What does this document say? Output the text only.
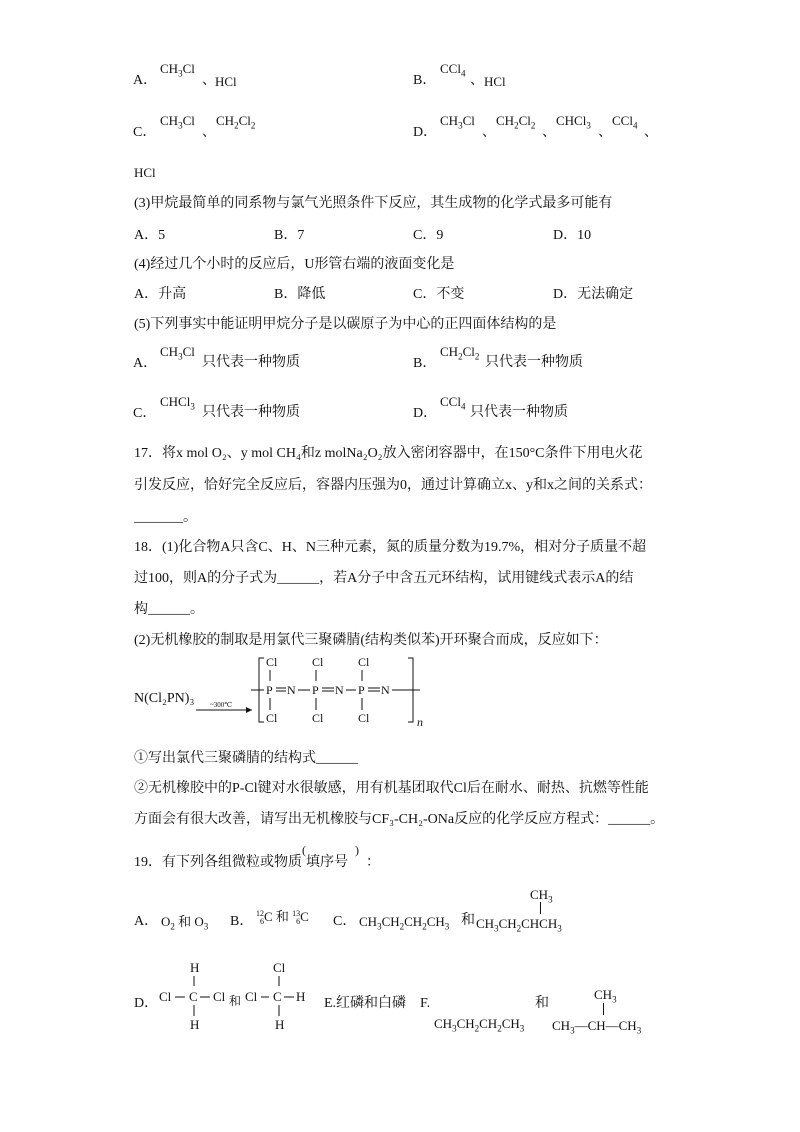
A．
$CH_3Cl$
、 HCl	B．
CCl$_4$ 、 HCl
C．
$CH_3Cl$
、
$CH_2Cl_2$	D．
$CH_3Cl$
、
$CH_2Cl_2$ 、
CHCl$_3$ 、
CCl$_4$ 、
HCl
(3)甲烷最简单的同系物与氯气光照条件下反应，其生成物的化学式最多可能有
A．5	B．7	C．9	D．10
(4)经过几个小时的反应后，U形管右端的液面变化是
A．升高	B．降低	C．不变	D．无法确定
(5)下列事实中能证明甲烷分子是以碳原子为中心的正四面体结构的是
A．
$CH_3Cl$
只代表一种物质	B．
$CH_2Cl_2$ 只代表一种物质
C．
CHCl$_3$ 只代表一种物质	D．
CCl$_4$ 只代表一种物质
17．将x mol O₂、y mol CH₄和z molNa₂O₂放入密闭容器中，在150°C条件下用电火花
引发反应，恰好完全反应后，容器内压强为0，通过计算确立x、y和x之间的关系式：
_______。
18．(1)化合物A只含C、H、N三种元素，氮的质量分数为19.7%，相对分子质量不超
过100，则A的分子式为______，若A分子中含五元环结构，试用键线式表示A的结
构______。
(2)无机橡胶的制取是用氯代三聚磷腈(结构类似苯)开环聚合而成，反应如下：
N(Cl₂PN)₃ ~300℃
n
P N P N P N
Cl
Cl
Cl
Cl
Cl
Cl
①写出氯代三聚磷腈的结构式______
②无机橡胶中的P-Cl键对水很敏感，用有机基团取代Cl后在耐水、耐热、抗燃等性能
方面会有很大改善，请写出无机橡胶与CF₃-CH₂-ONa反应的化学反应方程式：______。
19．有下列各组微粒或物质
(
填序号
)
：
A． $O_2$ 和 $O_3$ B．
12
6C 和 13
6C C． $CH_3CH_2CH_2CH_3$ 和
$CH_3$
$CH_3CH_2CHCH_3$
D．
H
Cl C Cl
H
和 Cl
Cl
C H
H
E.红磷和白磷 F.
$CH_3CH_2CH_2CH_3$
和
$CH_3$
$CH_3—CH—CH_3$
